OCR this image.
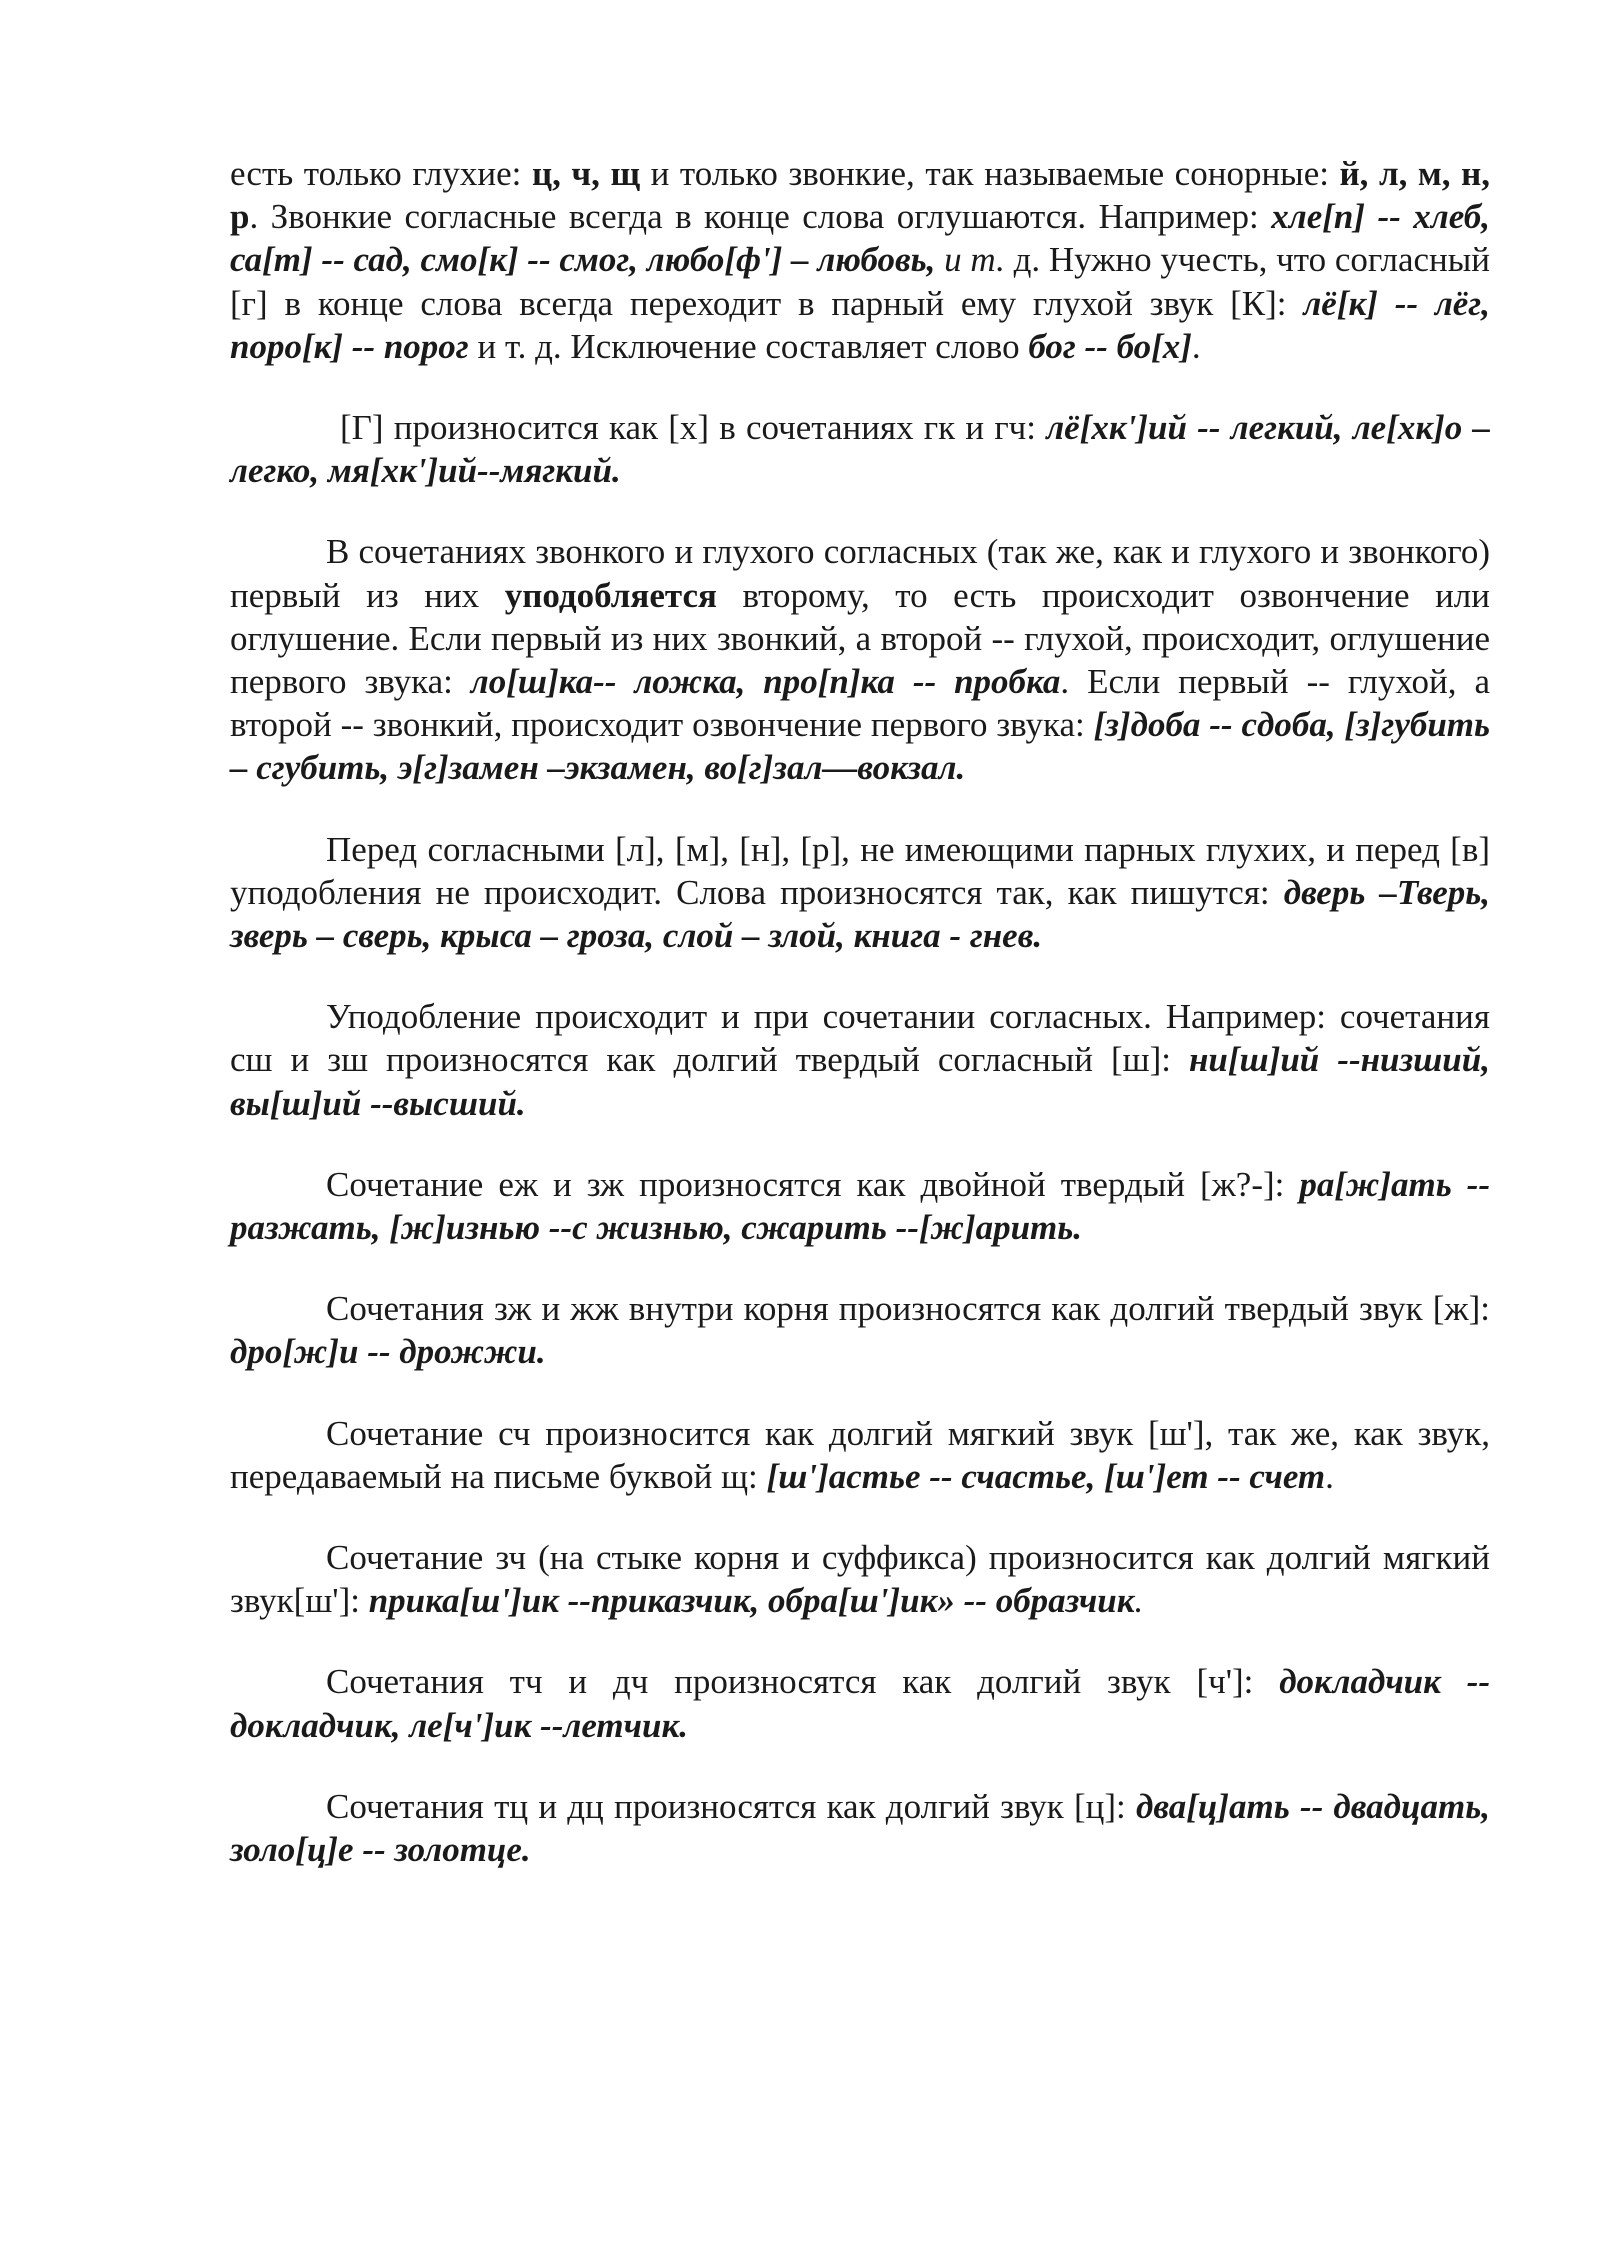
есть только глухие: ц, ч, щ и только звонкие, так называемые сонорные: й, л, м, н, р. Звонкие согласные всегда в конце слова оглушаются. Например: хле[п] -- хлеб, са[т] -- сад, смо[к] -- смог, любо[ф'] – любовь, и т. д. Нужно учесть, что согласный [г] в конце слова всегда переходит в парный ему глухой звук [К]: лё[к] -- лёг, поро[к] -- порог и т. д. Исключение составляет слово бог -- бо[х].

[Г] произносится как [х] в сочетаниях гк и гч: лё[хк']ий -- легкий, ле[хк]о – легко, мя[хк']ий--мягкий.

В сочетаниях звонкого и глухого согласных (так же, как и глухого и звонкого) первый из них уподобляется второму, то есть происходит озвончение или оглушение. Если первый из них звонкий, а второй -- глухой, происходит, оглушение первого звука: ло[ш]ка-- ложка, про[п]ка -- пробка. Если первый -- глухой, а второй -- звонкий, происходит озвончение первого звука: [з]доба -- сдоба, [з]губить – сгубить, э[г]замен –экзамен, во[г]зал—вокзал.

Перед согласными [л], [м], [н], [р], не имеющими парных глухих, и перед [в] уподобления не происходит. Слова произносятся так, как пишутся: дверь –Тверь, зверь – сверь, крыса – гроза, слой – злой, книга - гнев.

Уподобление происходит и при сочетании согласных. Например: сочетания сш и зш произносятся как долгий твердый согласный [ш]: ни[ш]ий --низший, вы[ш]ий --высший.

Сочетание еж и зж произносятся как двойной твердый [ж?-]: ра[ж]ать --разжать, [ж]изнью --с жизнью, сжарить --[ж]арить.

Сочетания зж и жж внутри корня произносятся как долгий твердый звук [ж]: дро[ж]и -- дрожжи.

Сочетание сч произносится как долгий мягкий звук [ш'], так же, как звук, передаваемый на письме буквой щ: [ш']астье -- счастье, [ш']ет -- счет.

Сочетание зч (на стыке корня и суффикса) произносится как долгий мягкий звук[ш']: прика[ш']ик --приказчик, обра[ш']ик» -- образчик.

Сочетания тч и дч произносятся как долгий звук [ч']: докладчик -- докладчик, ле[ч']ик --летчик.

Сочетания тц и дц произносятся как долгий звук [ц]: два[ц]ать -- двадцать, золо[ц]е -- золотце.
